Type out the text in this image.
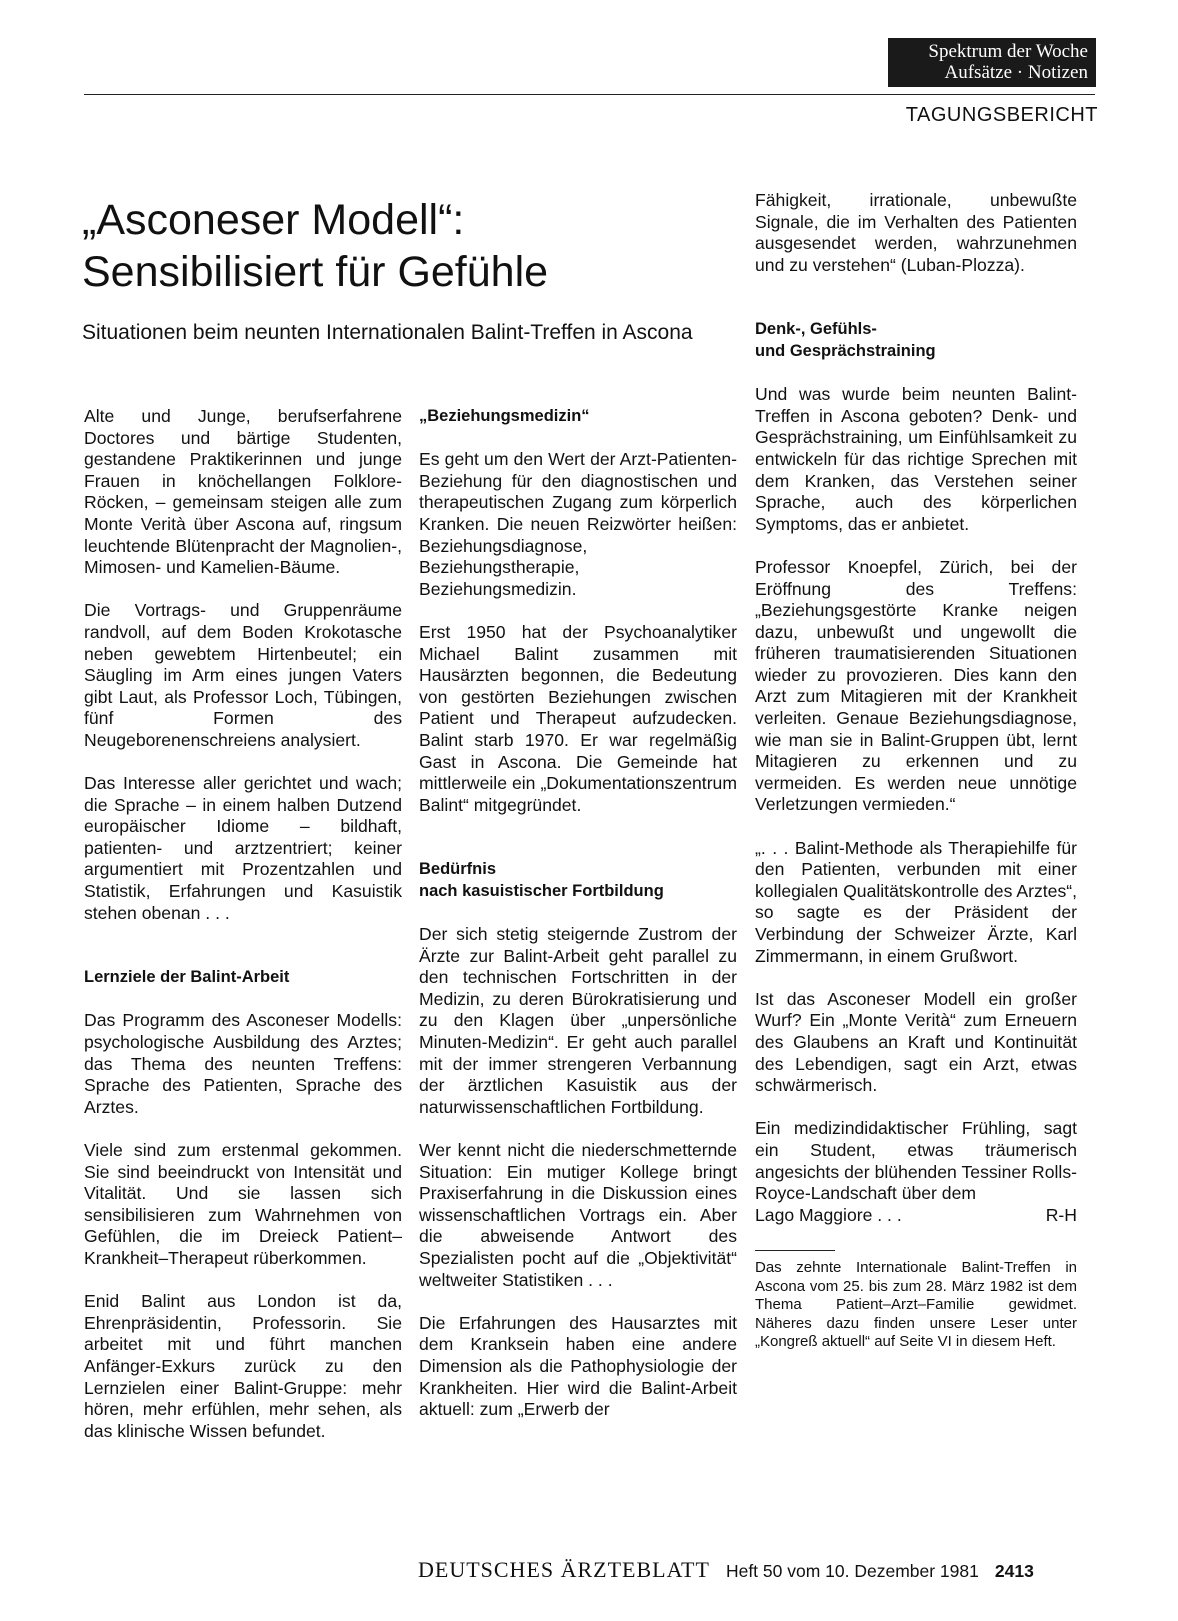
Spektrum der Woche
Aufsätze · Notizen
TAGUNGSBERICHT
„Asconeser Modell“:
Sensibilisiert für Gefühle
Situationen beim neunten Internationalen Balint-Treffen in Ascona

Alte und Junge, berufserfahrene Doctores und bärtige Studenten, gestandene Praktikerinnen und junge Frauen in knöchellangen Folklore-Röcken, – gemeinsam steigen alle zum Monte Verità über Ascona auf, ringsum leuchtende Blütenpracht der Magnolien-, Mimosen- und Kamelien-Bäume.

Die Vortrags- und Gruppenräume randvoll, auf dem Boden Krokotasche neben gewebtem Hirtenbeutel; ein Säugling im Arm eines jungen Vaters gibt Laut, als Professor Loch, Tübingen, fünf Formen des Neugeborenenschreiens analysiert.

Das Interesse aller gerichtet und wach; die Sprache – in einem halben Dutzend europäischer Idiome – bildhaft, patienten- und arztzentriert; keiner argumentiert mit Prozentzahlen und Statistik, Erfahrungen und Kasuistik stehen obenan . . .

Lernziele der Balint-Arbeit

Das Programm des Asconeser Modells: psychologische Ausbildung des Arztes; das Thema des neunten Treffens: Sprache des Patienten, Sprache des Arztes.

Viele sind zum erstenmal gekommen. Sie sind beeindruckt von Intensität und Vitalität. Und sie lassen sich sensibilisieren zum Wahrnehmen von Gefühlen, die im Dreieck Patient–Krankheit–Therapeut rüberkommen.

Enid Balint aus London ist da, Ehrenpräsidentin, Professorin. Sie arbeitet mit und führt manchen Anfänger-Exkurs zurück zu den Lernzielen einer Balint-Gruppe: mehr hören, mehr erfühlen, mehr sehen, als das klinische Wissen befundet.

„Beziehungsmedizin“

Es geht um den Wert der Arzt-Patienten-Beziehung für den diagnostischen und therapeutischen Zugang zum körperlich Kranken. Die neuen Reizwörter heißen: Beziehungsdiagnose, Beziehungstherapie, Beziehungsmedizin.

Erst 1950 hat der Psychoanalytiker Michael Balint zusammen mit Hausärzten begonnen, die Bedeutung von gestörten Beziehungen zwischen Patient und Therapeut aufzudecken. Balint starb 1970. Er war regelmäßig Gast in Ascona. Die Gemeinde hat mittlerweile ein „Dokumentationszentrum Balint“ mitgegründet.

Bedürfnis
nach kasuistischer Fortbildung

Der sich stetig steigernde Zustrom der Ärzte zur Balint-Arbeit geht parallel zu den technischen Fortschritten in der Medizin, zu deren Bürokratisierung und zu den Klagen über „unpersönliche Minuten-Medizin“. Er geht auch parallel mit der immer strengeren Verbannung der ärztlichen Kasuistik aus der naturwissenschaftlichen Fortbildung.

Wer kennt nicht die niederschmetternde Situation: Ein mutiger Kollege bringt Praxiserfahrung in die Diskussion eines wissenschaftlichen Vortrags ein. Aber die abweisende Antwort des Spezialisten pocht auf die „Objektivität“ weltweiter Statistiken . . .

Die Erfahrungen des Hausarztes mit dem Kranksein haben eine andere Dimension als die Pathophysiologie der Krankheiten. Hier wird die Balint-Arbeit aktuell: zum „Erwerb der

Fähigkeit, irrationale, unbewußte Signale, die im Verhalten des Patienten ausgesendet werden, wahrzunehmen und zu verstehen“ (Luban-Plozza).

Denk-, Gefühls-
und Gesprächstraining

Und was wurde beim neunten Balint-Treffen in Ascona geboten? Denk- und Gesprächstraining, um Einfühlsamkeit zu entwickeln für das richtige Sprechen mit dem Kranken, das Verstehen seiner Sprache, auch des körperlichen Symptoms, das er anbietet.

Professor Knoepfel, Zürich, bei der Eröffnung des Treffens: „Beziehungsgestörte Kranke neigen dazu, unbewußt und ungewollt die früheren traumatisierenden Situationen wieder zu provozieren. Dies kann den Arzt zum Mitagieren mit der Krankheit verleiten. Genaue Beziehungsdiagnose, wie man sie in Balint-Gruppen übt, lernt Mitagieren zu erkennen und zu vermeiden. Es werden neue unnötige Verletzungen vermieden.“

„. . . Balint-Methode als Therapiehilfe für den Patienten, verbunden mit einer kollegialen Qualitätskontrolle des Arztes“, so sagte es der Präsident der Verbindung der Schweizer Ärzte, Karl Zimmermann, in einem Grußwort.

Ist das Asconeser Modell ein großer Wurf? Ein „Monte Verità“ zum Erneuern des Glaubens an Kraft und Kontinuität des Lebendigen, sagt ein Arzt, etwas schwärmerisch.

Ein medizindidaktischer Frühling, sagt ein Student, etwas träumerisch angesichts der blühenden Tessiner Rolls-Royce-Landschaft über dem

Lago Maggiore . . .	R-H

Das zehnte Internationale Balint-Treffen in Ascona vom 25. bis zum 28. März 1982 ist dem Thema Patient–Arzt–Familie gewidmet. Näheres dazu finden unsere Leser unter „Kongreß aktuell“ auf Seite VI in diesem Heft.

DEUTSCHES ÄRZTEBLATT Heft 50 vom 10. Dezember 1981 2413
